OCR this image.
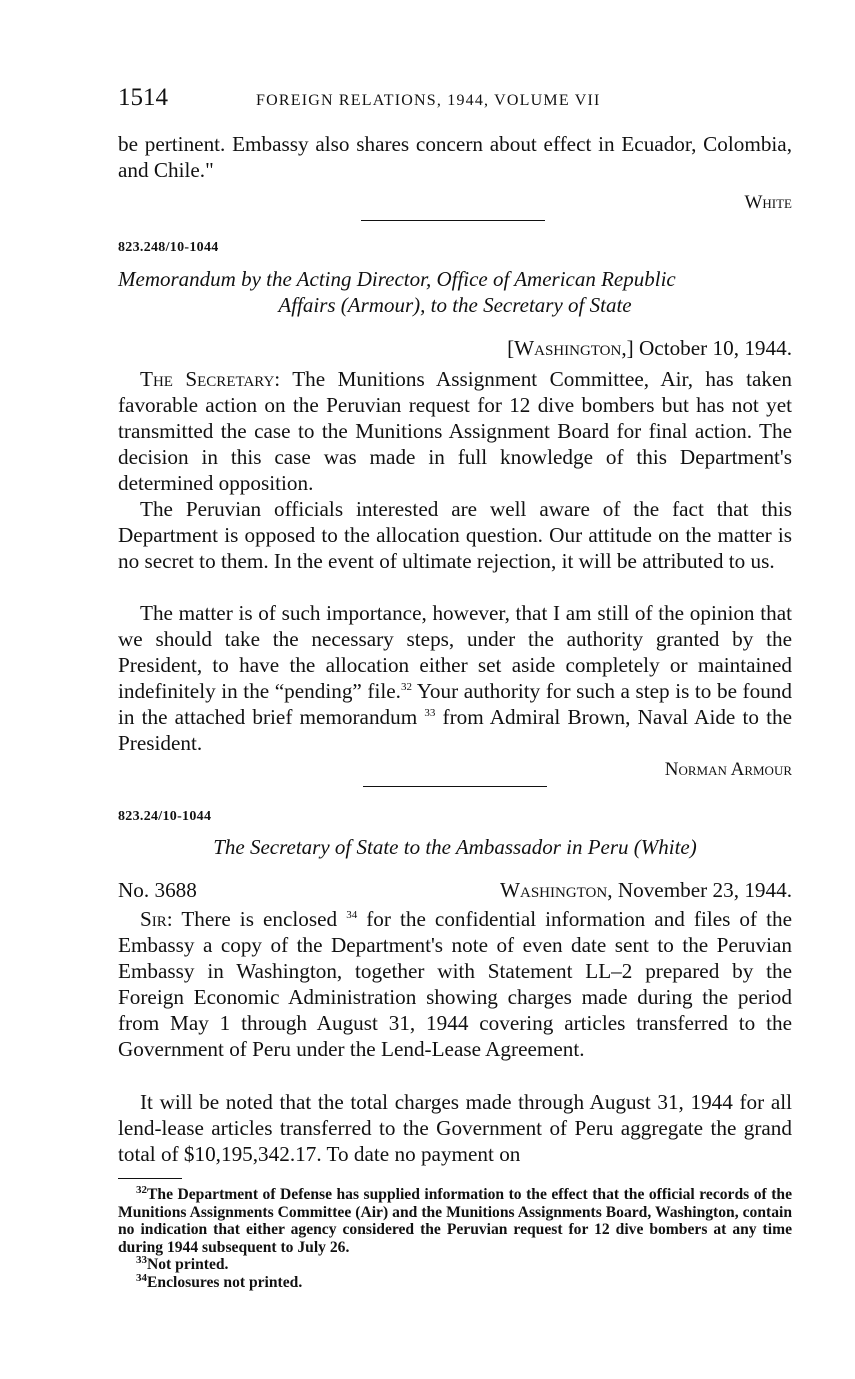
1514	FOREIGN RELATIONS, 1944, VOLUME VII
be pertinent. Embassy also shares concern about effect in Ecuador, Colombia, and Chile."
White
823.248/10-1044
Memorandum by the Acting Director, Office of American Republic
Affairs (Armour), to the Secretary of State
[Washington,] October 10, 1944.
The Secretary: The Munitions Assignment Committee, Air, has taken favorable action on the Peruvian request for 12 dive bombers but has not yet transmitted the case to the Munitions Assignment Board for final action. The decision in this case was made in full knowledge of this Department's determined opposition.
The Peruvian officials interested are well aware of the fact that this Department is opposed to the allocation question. Our attitude on the matter is no secret to them. In the event of ultimate rejection, it will be attributed to us.
The matter is of such importance, however, that I am still of the opinion that we should take the necessary steps, under the authority granted by the President, to have the allocation either set aside completely or maintained indefinitely in the “pending” file.$^{32}$ Your authority for such a step is to be found in the attached brief memorandum $^{33}$ from Admiral Brown, Naval Aide to the President.
Norman Armour
823.24/10-1044
The Secretary of State to the Ambassador in Peru (White)
No. 3688	Washington, November 23, 1944.
Sir: There is enclosed $^{34}$ for the confidential information and files of the Embassy a copy of the Department's note of even date sent to the Peruvian Embassy in Washington, together with Statement LL–2 prepared by the Foreign Economic Administration showing charges made during the period from May 1 through August 31, 1944 covering articles transferred to the Government of Peru under the Lend-Lease Agreement.
It will be noted that the total charges made through August 31, 1944 for all lend-lease articles transferred to the Government of Peru aggregate the grand total of $10,195,342.17. To date no payment on
$^{32}$The Department of Defense has supplied information to the effect that the official records of the Munitions Assignments Committee (Air) and the Munitions Assignments Board, Washington, contain no indication that either agency considered the Peruvian request for 12 dive bombers at any time during 1944 subsequent to July 26.
$^{33}$Not printed.
$^{34}$Enclosures not printed.
